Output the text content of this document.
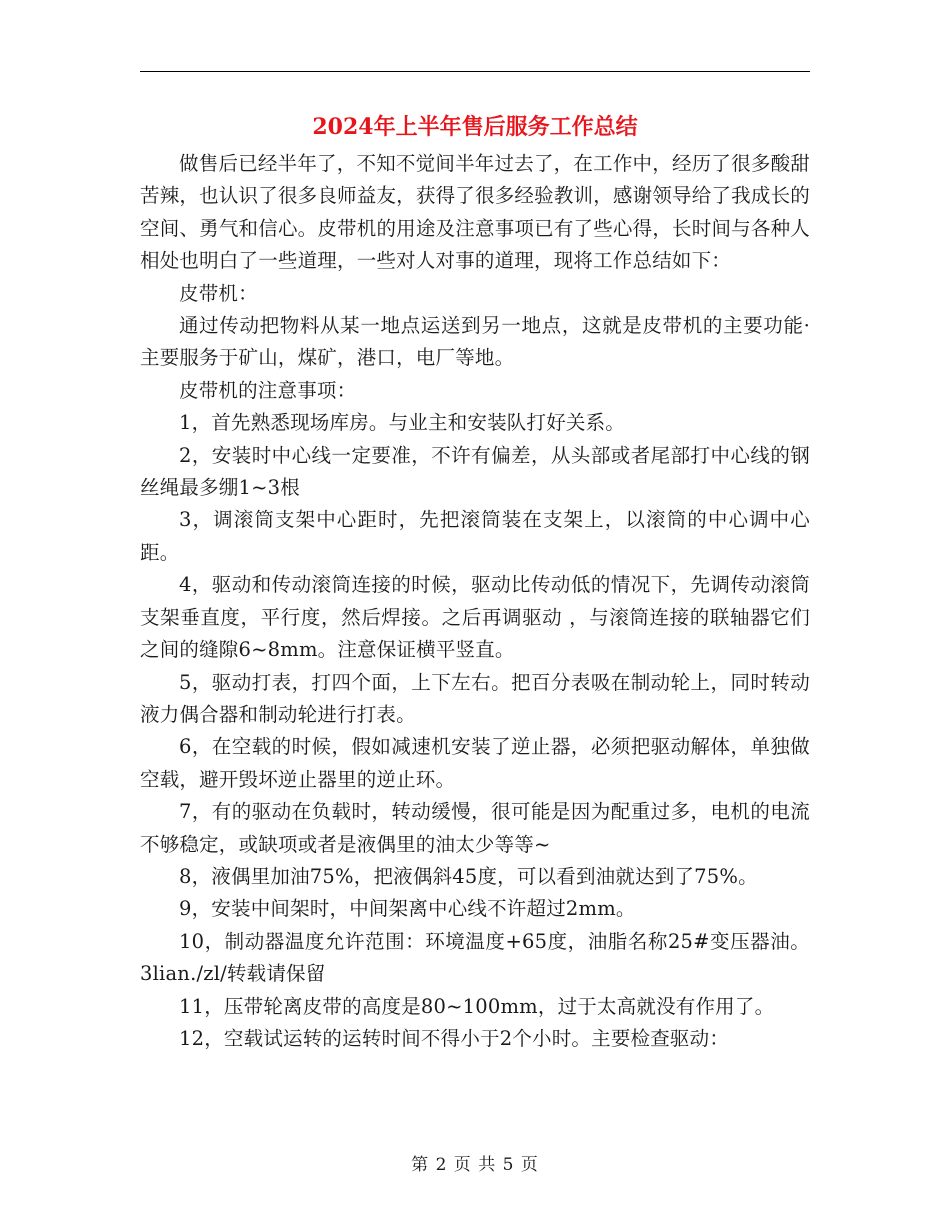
2024年上半年售后服务工作总结

做售后已经半年了，不知不觉间半年过去了，在工作中，经历了很多酸甜苦辣，也认识了很多良师益友，获得了很多经验教训，感谢领导给了我成长的空间、勇气和信心。皮带机的用途及注意事项已有了些心得，长时间与各种人相处也明白了一些道理，一些对人对事的道理，现将工作总结如下：

皮带机：

通过传动把物料从某一地点运送到另一地点，这就是皮带机的主要功能·主要服务于矿山，煤矿，港口，电厂等地。

皮带机的注意事项：

1，首先熟悉现场库房。与业主和安装队打好关系。

2，安装时中心线一定要准，不许有偏差，从头部或者尾部打中心线的钢丝绳最多绷1~3根

3，调滚筒支架中心距时，先把滚筒装在支架上，以滚筒的中心调中心距。

4，驱动和传动滚筒连接的时候，驱动比传动低的情况下，先调传动滚筒支架垂直度，平行度，然后焊接。之后再调驱动 ，与滚筒连接的联轴器它们之间的缝隙6~8mm。注意保证横平竖直。

5，驱动打表，打四个面，上下左右。把百分表吸在制动轮上，同时转动液力偶合器和制动轮进行打表。

6，在空载的时候，假如减速机安装了逆止器，必须把驱动解体，单独做空载，避开毁坏逆止器里的逆止环。

7，有的驱动在负载时，转动缓慢，很可能是因为配重过多，电机的电流不够稳定，或缺项或者是液偶里的油太少等等~

8，液偶里加油75%，把液偶斜45度，可以看到油就达到了75%。

9，安装中间架时，中间架离中心线不许超过2mm。

10，制动器温度允许范围：环境温度+65度，油脂名称25#变压器油。3lian./zl/转载请保留

11，压带轮离皮带的高度是80~100mm，过于太高就没有作用了。

12，空载试运转的运转时间不得小于2个小时。主要检查驱动：

第 2 页 共 5 页
